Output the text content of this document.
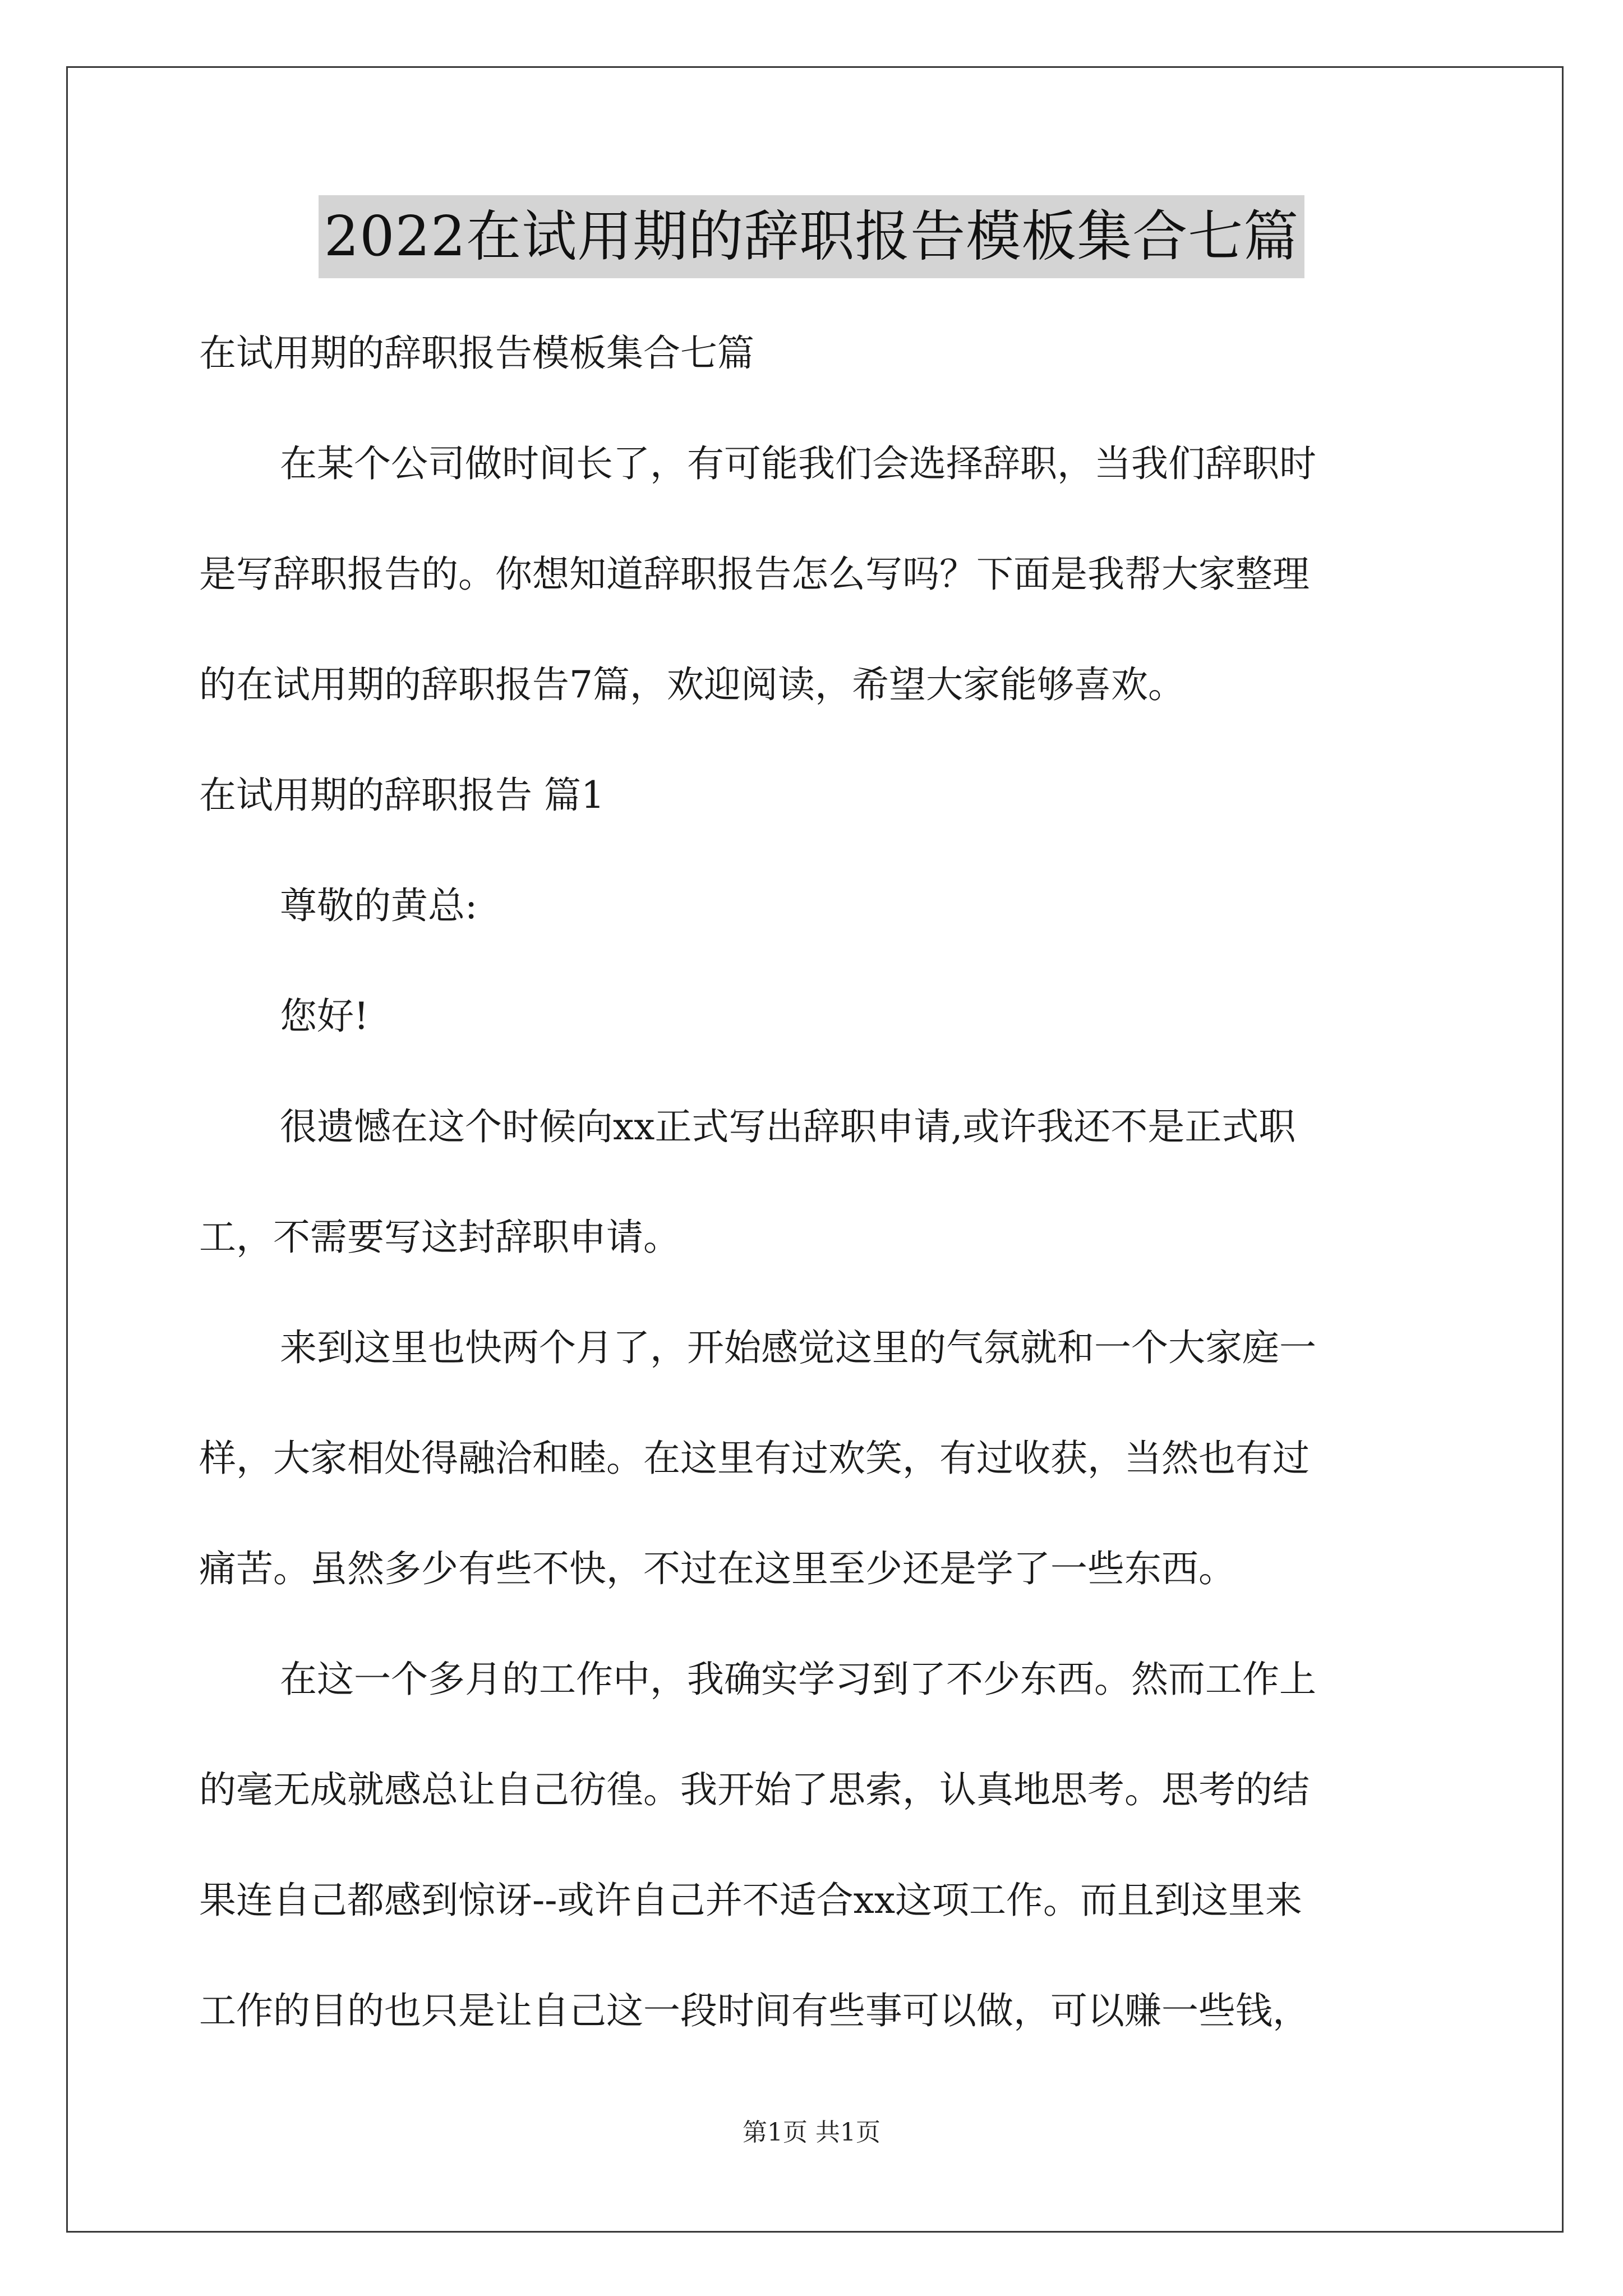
2022在试用期的辞职报告模板集合七篇
在试用期的辞职报告模板集合七篇
在某个公司做时间长了，有可能我们会选择辞职，当我们辞职时
是写辞职报告的。你想知道辞职报告怎么写吗？下面是我帮大家整理
的在试用期的辞职报告7篇，欢迎阅读，希望大家能够喜欢。
在试用期的辞职报告 篇1
尊敬的黄总:
您好!
很遗憾在这个时候向xx正式写出辞职申请,或许我还不是正式职
工，不需要写这封辞职申请。
来到这里也快两个月了，开始感觉这里的气氛就和一个大家庭一
样，大家相处得融洽和睦。在这里有过欢笑，有过收获，当然也有过
痛苦。虽然多少有些不快，不过在这里至少还是学了一些东西。
在这一个多月的工作中，我确实学习到了不少东西。然而工作上
的毫无成就感总让自己彷徨。我开始了思索，认真地思考。思考的结
果连自己都感到惊讶--或许自己并不适合xx这项工作。而且到这里来
工作的目的也只是让自己这一段时间有些事可以做，可以赚一些钱，
第1页 共1页
